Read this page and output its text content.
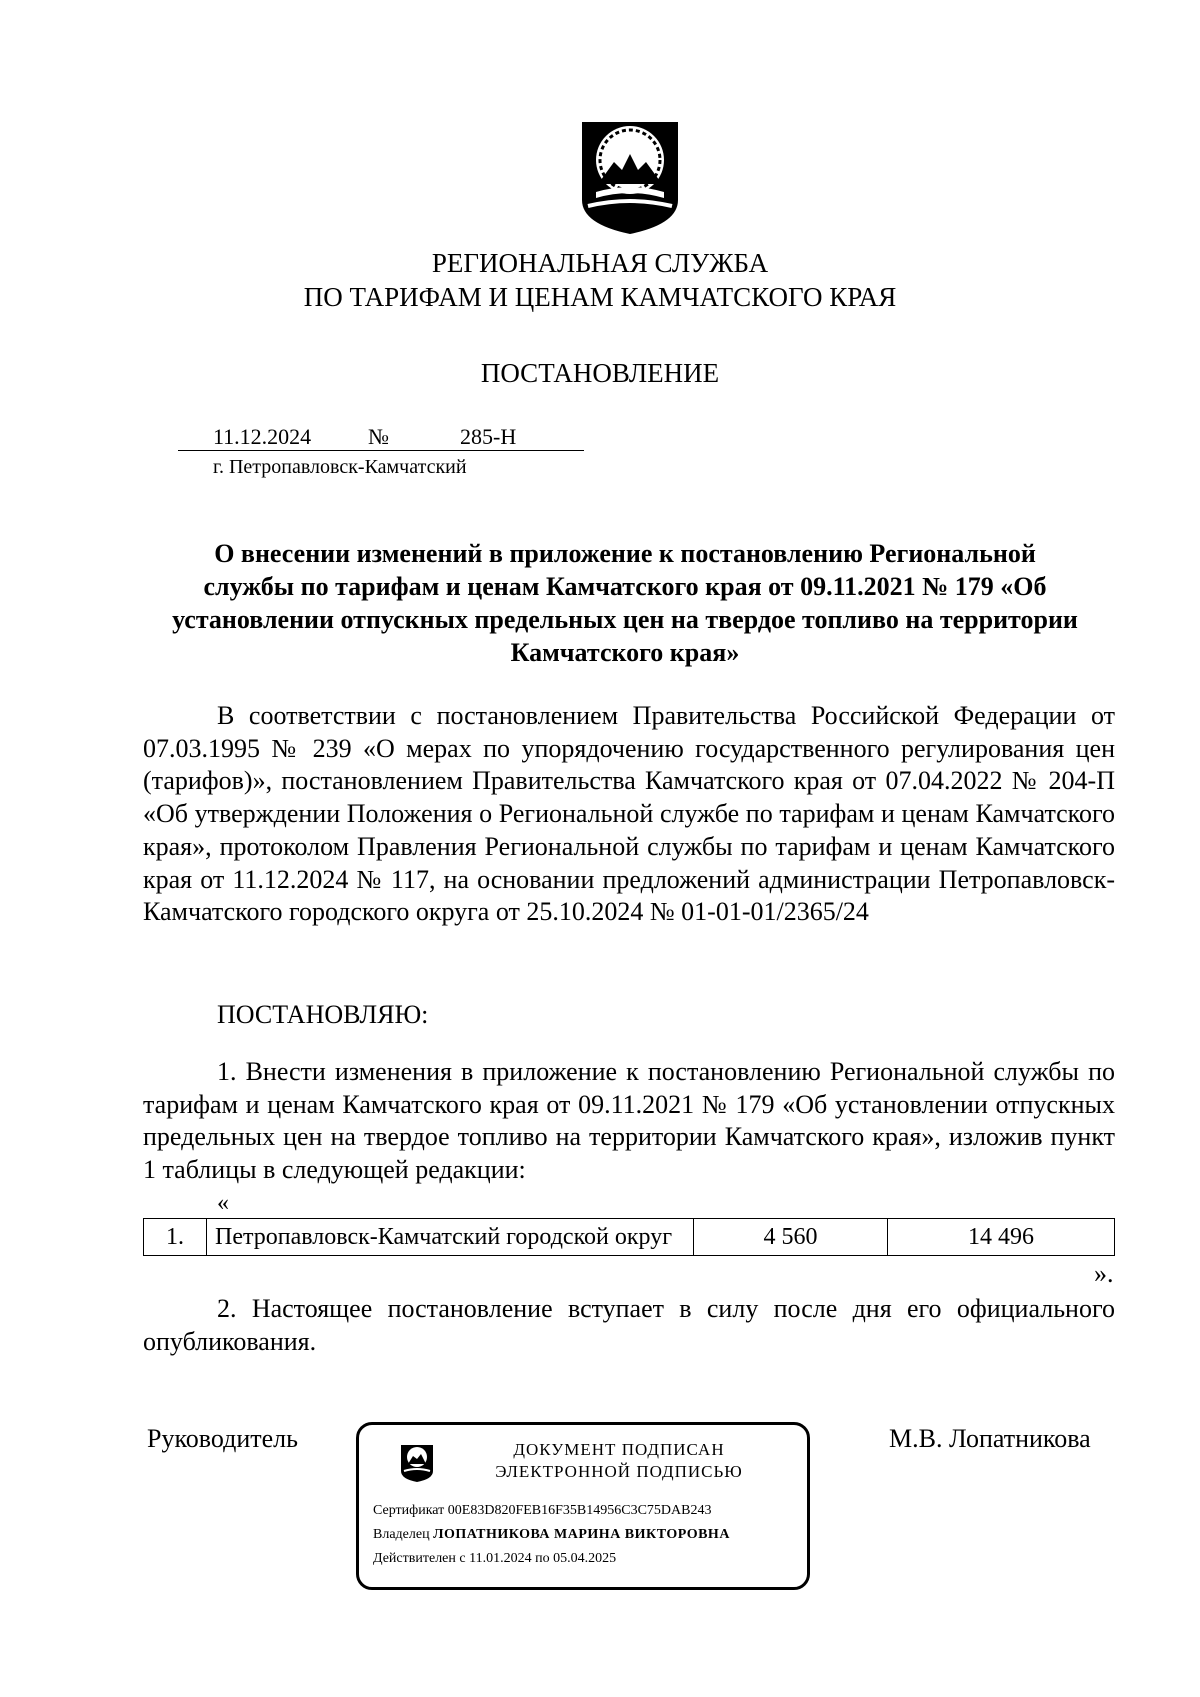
РЕГИОНАЛЬНАЯ СЛУЖБА
ПО ТАРИФАМ И ЦЕНАМ КАМЧАТСКОГО КРАЯ
ПОСТАНОВЛЕНИЕ
11.12.2024	№	285-Н
г. Петропавловск-Камчатский
О внесении изменений в приложение к постановлению Региональной службы по тарифам и ценам Камчатского края от 09.11.2021 № 179 «Об установлении отпускных предельных цен на твердое топливо на территории Камчатского края»
В соответствии с постановлением Правительства Российской Федерации от 07.03.1995 № 239 «О мерах по упорядочению государственного регулирования цен (тарифов)», постановлением Правительства Камчатского края от 07.04.2022 № 204-П «Об утверждении Положения о Региональной службе по тарифам и ценам Камчатского края», протоколом Правления Региональной службы по тарифам и ценам Камчатского края от 11.12.2024 № 117, на основании предложений администрации Петропавловск-Камчатского городского округа от 25.10.2024 № 01-01-01/2365/24
ПОСТАНОВЛЯЮ:
1. Внести изменения в приложение к постановлению Региональной службы по тарифам и ценам Камчатского края от 09.11.2021 № 179 «Об установлении отпускных предельных цен на твердое топливо на территории Камчатского края», изложив пункт 1 таблицы в следующей редакции:
«
1.	Петропавловск-Камчатский городской округ	4 560	14 496
».
2. Настоящее постановление вступает в силу после дня его официального опубликования.
Руководитель	М.В. Лопатникова
ДОКУМЕНТ ПОДПИСАН
ЭЛЕКТРОННОЙ ПОДПИСЬЮ
Сертификат 00E83D820FEB16F35B14956C3C75DAB243
Владелец ЛОПАТНИКОВА МАРИНА ВИКТОРОВНА
Действителен с 11.01.2024 по 05.04.2025
